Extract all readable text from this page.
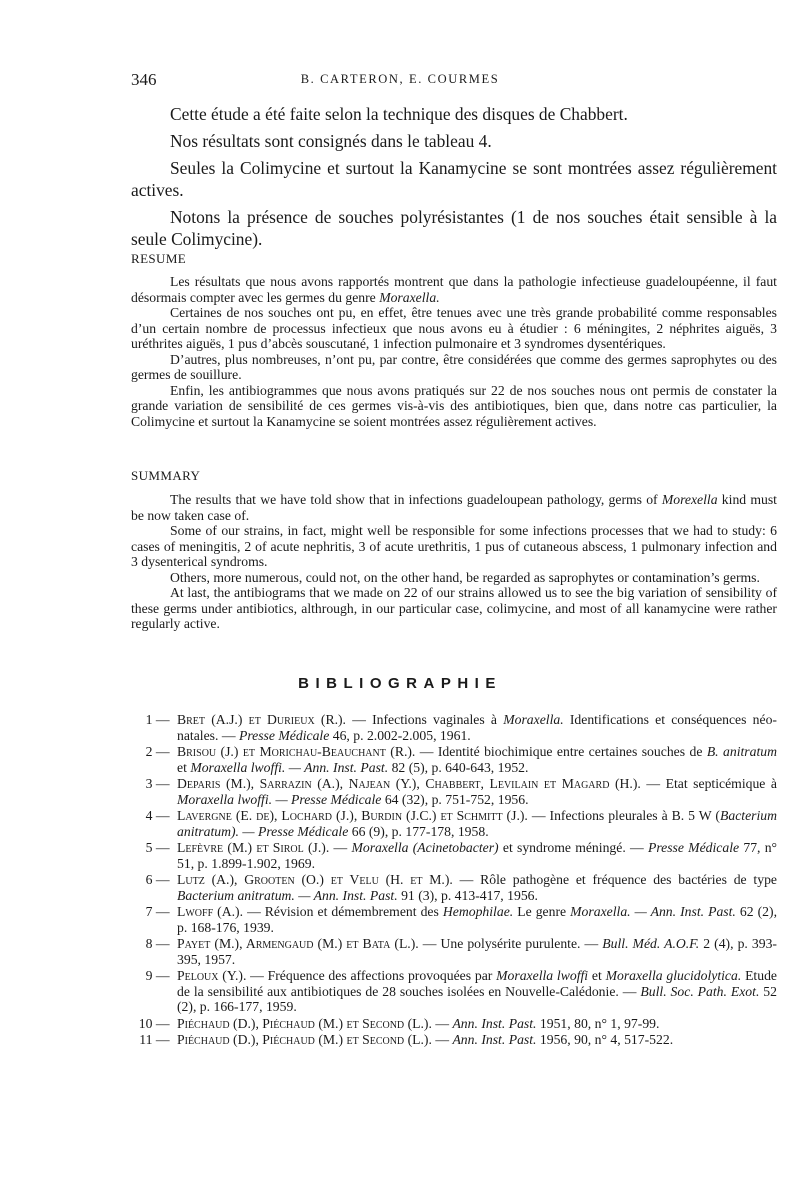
346	B. CARTERON, E. COURMES

Cette étude a été faite selon la technique des disques de Chabbert.

Nos résultats sont consignés dans le tableau 4.

Seules la Colimycine et surtout la Kanamycine se sont montrées assez régulièrement actives.

Notons la présence de souches polyrésistantes (1 de nos souches était sensible à la seule Colimycine).

RESUME

Les résultats que nous avons rapportés montrent que dans la pathologie infectieuse guadeloupéenne, il faut désormais compter avec les germes du genre Moraxella.

Certaines de nos souches ont pu, en effet, être tenues avec une très grande probabilité comme responsables d’un certain nombre de processus infectieux que nous avons eu à étudier : 6 méningites, 2 néphrites aiguës, 3 uréthrites aiguës, 1 pus d’abcès souscutané, 1 infection pulmonaire et 3 syndromes dysentériques.

D’autres, plus nombreuses, n’ont pu, par contre, être considérées que comme des germes saprophytes ou des germes de souillure.

Enfin, les antibiogrammes que nous avons pratiqués sur 22 de nos souches nous ont permis de constater la grande variation de sensibilité de ces germes vis-à-vis des antibiotiques, bien que, dans notre cas particulier, la Colimycine et surtout la Kanamycine se soient montrées assez régulièrement actives.

SUMMARY

The results that we have told show that in infections guadeloupean pathology, germs of Morexella kind must be now taken case of.

Some of our strains, in fact, might well be responsible for some infections processes that we had to study: 6 cases of meningitis, 2 of acute nephritis, 3 of acute urethritis, 1 pus of cutaneous abscess, 1 pulmonary infection and 3 dysenterical syndroms.

Others, more numerous, could not, on the other hand, be regarded as saprophytes or contamination’s germs.

At last, the antibiograms that we made on 22 of our strains allowed us to see the big variation of sensibility of these germs under antibiotics, althrough, in our particular case, colimycine, and most of all kanamycine were rather regularly active.

BIBLIOGRAPHIE
1 — Bret (A.J.) et Durieux (R.). — Infections vaginales à Moraxella. Identifications et conséquences néo-natales. — Presse Médicale 46, p. 2.002-2.005, 1961.
2 — Brisou (J.) et Morichau-Beauchant (R.). — Identité biochimique entre certaines souches de B. anitratum et Moraxella lwoffi. — Ann. Inst. Past. 82 (5), p. 640-643, 1952.
3 — Deparis (M.), Sarrazin (A.), Najean (Y.), Chabbert, Levilain et Magard (H.). — Etat septicémique à Moraxella lwoffi. — Presse Médicale 64 (32), p. 751-752, 1956.
4 — Lavergne (E. de), Lochard (J.), Burdin (J.C.) et Schmitt (J.). — Infections pleurales à B. 5 W (Bacterium anitratum). — Presse Médicale 66 (9), p. 177-178, 1958.
5 — Lefèvre (M.) et Sirol (J.). — Moraxella (Acinetobacter) et syndrome méningé. — Presse Médicale 77, n° 51, p. 1.899-1.902, 1969.
6 — Lutz (A.), Grooten (O.) et Velu (H. et M.). — Rôle pathogène et fréquence des bactéries de type Bacterium anitratum. — Ann. Inst. Past. 91 (3), p. 413-417, 1956.
7 — Lwoff (A.). — Révision et démembrement des Hemophilae. Le genre Moraxella. — Ann. Inst. Past. 62 (2), p. 168-176, 1939.
8 — Payet (M.), Armengaud (M.) et Bata (L.). — Une polysérite purulente. — Bull. Méd. A.O.F. 2 (4), p. 393-395, 1957.
9 — Peloux (Y.). — Fréquence des affections provoquées par Moraxella lwoffi et Moraxella glucidolytica. Etude de la sensibilité aux antibiotiques de 28 souches isolées en Nouvelle-Calédonie. — Bull. Soc. Path. Exot. 52 (2), p. 166-177, 1959.
10 — Piéchaud (D.), Piéchaud (M.) et Second (L.). — Ann. Inst. Past. 1951, 80, n° 1, 97-99.
11 — Piéchaud (D.), Piéchaud (M.) et Second (L.). — Ann. Inst. Past. 1956, 90, n° 4, 517-522.
